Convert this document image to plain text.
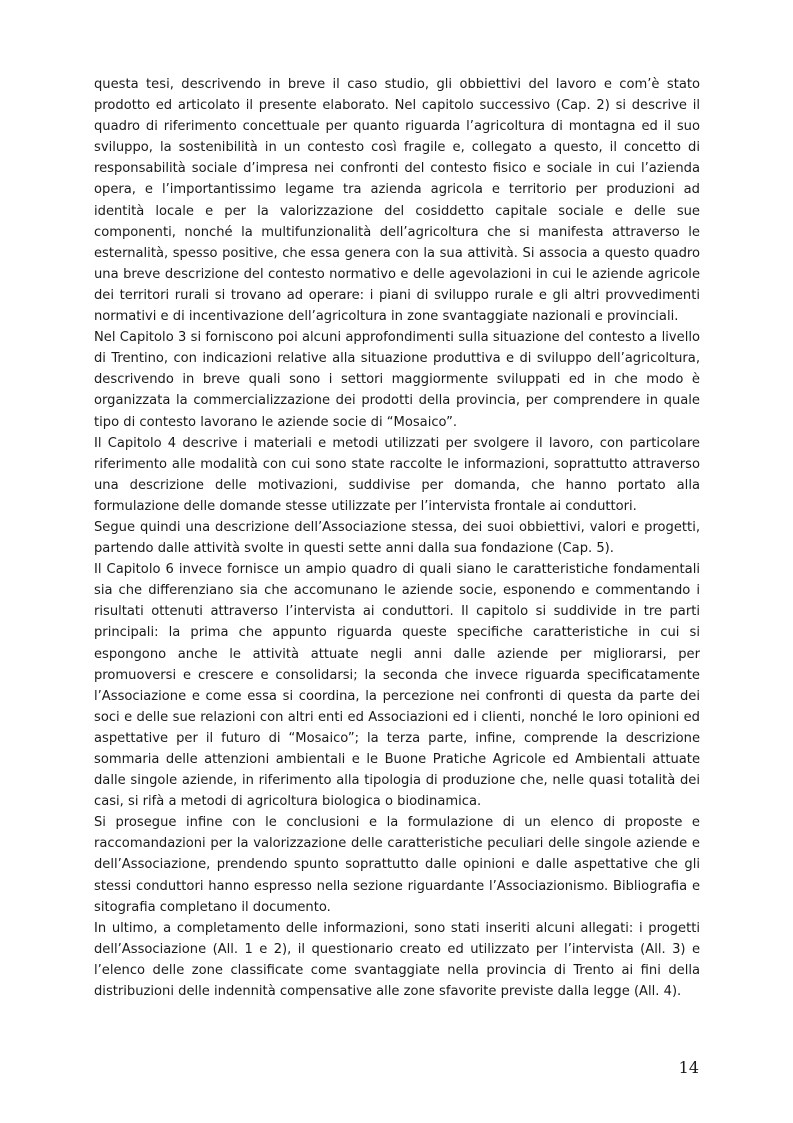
questa tesi, descrivendo in breve il caso studio, gli obbiettivi del lavoro e com’è stato prodotto ed articolato il presente elaborato. Nel capitolo successivo (Cap. 2) si descrive il quadro di riferimento concettuale per quanto riguarda l’agricoltura di montagna ed il suo sviluppo, la sostenibilità in un contesto così fragile e, collegato a questo, il concetto di responsabilità sociale d’impresa nei confronti del contesto fisico e sociale in cui l’azienda opera, e l’importantissimo legame tra azienda agricola e territorio per produzioni ad identità locale e per la valorizzazione del cosiddetto capitale sociale e delle sue componenti, nonché la multifunzionalità dell’agricoltura che si manifesta attraverso le esternalità, spesso positive, che essa genera con la sua attività. Si associa a questo quadro una breve descrizione del contesto normativo e delle agevolazioni in cui le aziende agricole dei territori rurali si trovano ad operare: i piani di sviluppo rurale e gli altri provvedimenti normativi e di incentivazione dell’agricoltura in zone svantaggiate nazionali e provinciali.

Nel Capitolo 3 si forniscono poi alcuni approfondimenti sulla situazione del contesto a livello di Trentino, con indicazioni relative alla situazione produttiva e di sviluppo dell’agricoltura, descrivendo in breve quali sono i settori maggiormente sviluppati ed in che modo è organizzata la commercializzazione dei prodotti della provincia, per comprendere in quale tipo di contesto lavorano le aziende socie di “Mosaico”.

Il Capitolo 4 descrive i materiali e metodi utilizzati per svolgere il lavoro, con particolare riferimento alle modalità con cui sono state raccolte le informazioni, soprattutto attraverso una descrizione delle motivazioni, suddivise per domanda, che hanno portato alla formulazione delle domande stesse utilizzate per l’intervista frontale ai conduttori.

Segue quindi una descrizione dell’Associazione stessa, dei suoi obbiettivi, valori e progetti, partendo dalle attività svolte in questi sette anni dalla sua fondazione (Cap. 5).

Il Capitolo 6 invece fornisce un ampio quadro di quali siano le caratteristiche fondamentali sia che differenziano sia che accomunano le aziende socie, esponendo e commentando i risultati ottenuti attraverso l’intervista ai conduttori. Il capitolo si suddivide in tre parti principali: la prima che appunto riguarda queste specifiche caratteristiche in cui si espongono anche le attività attuate negli anni dalle aziende per migliorarsi, per promuoversi e crescere e consolidarsi; la seconda che invece riguarda specificatamente l’Associazione e come essa si coordina, la percezione nei confronti di questa da parte dei soci e delle sue relazioni con altri enti ed Associazioni ed i clienti, nonché le loro opinioni ed aspettative per il futuro di “Mosaico”; la terza parte, infine, comprende la descrizione sommaria delle attenzioni ambientali e le Buone Pratiche Agricole ed Ambientali attuate dalle singole aziende, in riferimento alla tipologia di produzione che, nelle quasi totalità dei casi, si rifà a metodi di agricoltura biologica o biodinamica.

Si prosegue infine con le conclusioni e la formulazione di un elenco di proposte e raccomandazioni per la valorizzazione delle caratteristiche peculiari delle singole aziende e dell’Associazione, prendendo spunto soprattutto dalle opinioni e dalle aspettative che gli stessi conduttori hanno espresso nella sezione riguardante l’Associazionismo. Bibliografia e sitografia completano il documento.

In ultimo, a completamento delle informazioni, sono stati inseriti alcuni allegati: i progetti dell’Associazione (All. 1 e 2), il questionario creato ed utilizzato per l’intervista (All. 3) e l’elenco delle zone classificate come svantaggiate nella provincia di Trento ai fini della distribuzioni delle indennità compensative alle zone sfavorite previste dalla legge (All. 4).

14
